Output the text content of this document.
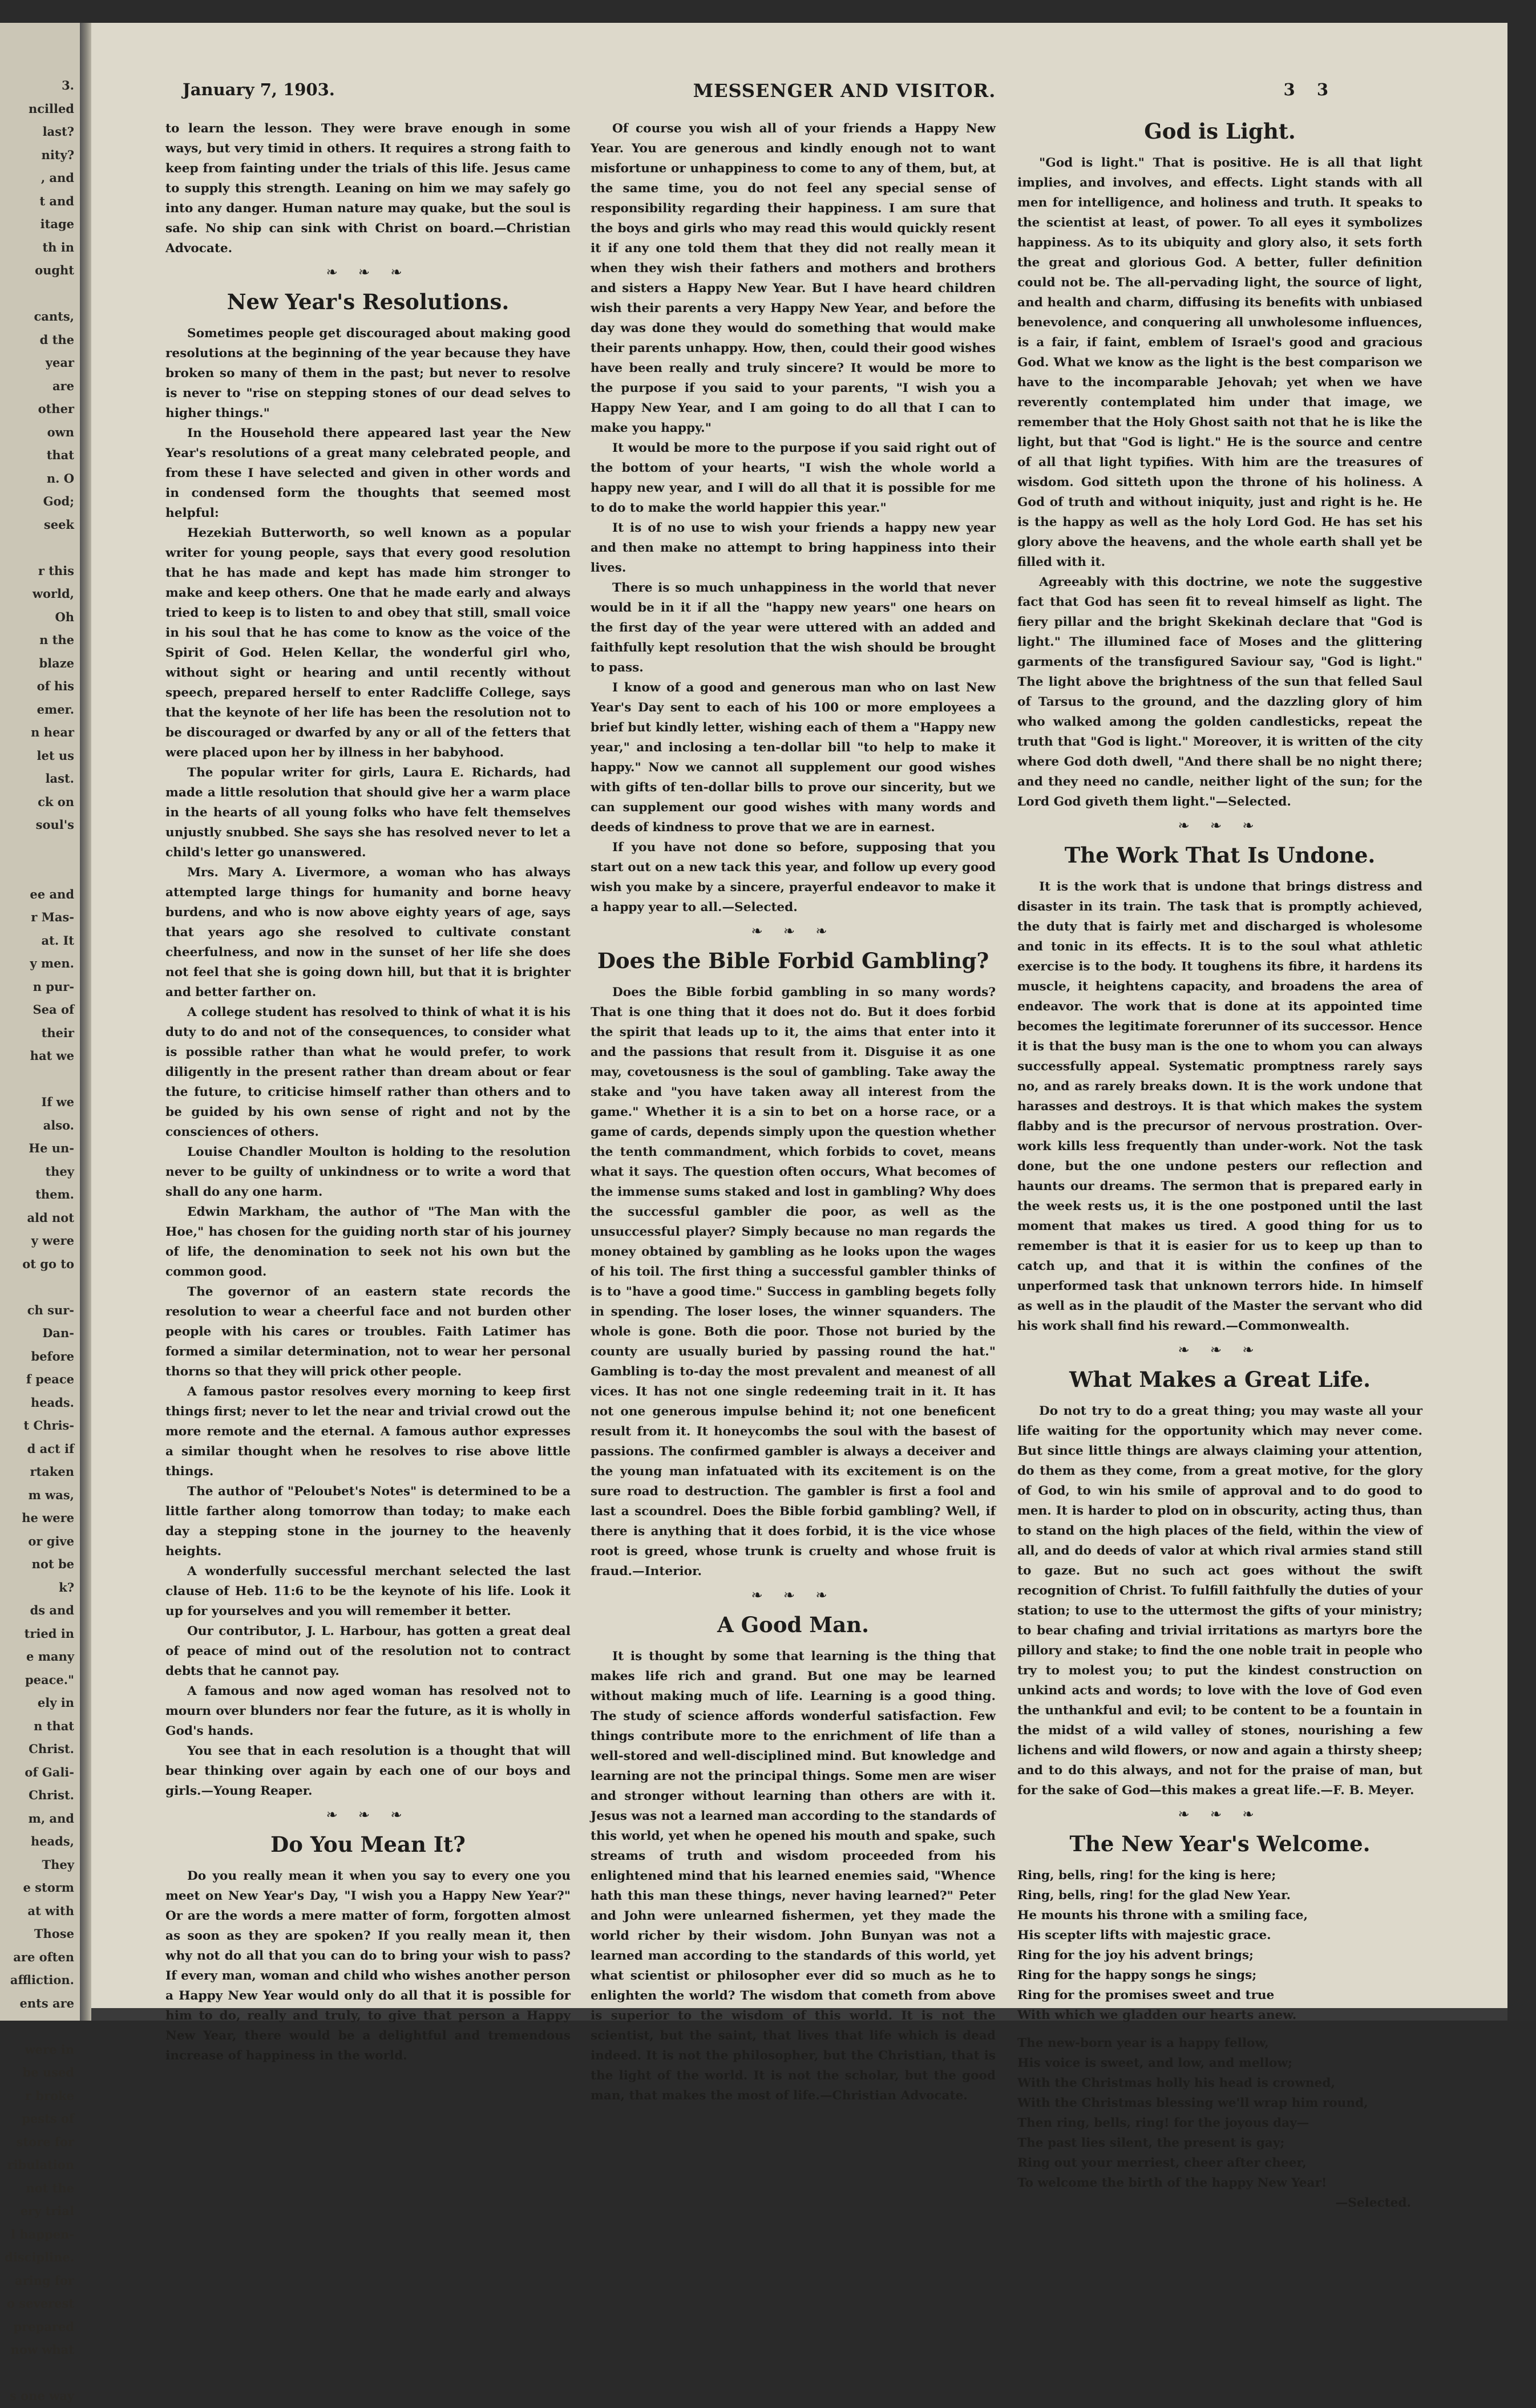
3.
ncilled
last?
nity?
, and
t and
itage
th in
ought

cants,
d the
year
are
other
own
that
n. O
God;
seek

r this
world,
Oh
n the
blaze
of his
emer.
n hear
let us
last.
ck on
soul's

ee and
r Mas-
at. It
y men.
n pur-
Sea of
their
hat we

If we
also.
He un-
they
them.
ald not
y were
ot go to

ch sur-
Dan-
before
f peace
heads.
t Chris-
d act if
rtaken
m was,
he were
or give
not be
k?
ds and
tried in
e many
peace."
ely in
n that
Christ.
of Gali-
Christ.
m, and
heads,
They
e storm
at with
Those
are often
affliction.
ents are

were in
be used
r broke
pests of
store for
ribulation
not the
ery trial
l happen-
discipline.
aring for
o severest
prepared
now what

s one way
January 7, 1903.	MESSENGER AND VISITOR.	3 3

to learn the lesson. They were brave enough in some ways, but very timid in others. It requires a strong faith to keep from fainting under the trials of this life. Jesus came to supply this strength. Leaning on him we may safely go into any danger. Human nature may quake, but the soul is safe. No ship can sink with Christ on board.—Christian Advocate.

❧ ❧ ❧
New Year's Resolutions.

Sometimes people get discouraged about making good resolutions at the beginning of the year because they have broken so many of them in the past; but never to resolve is never to "rise on stepping stones of our dead selves to higher things."

In the Household there appeared last year the New Year's resolutions of a great many celebrated people, and from these I have selected and given in other words and in condensed form the thoughts that seemed most helpful:

Hezekiah Butterworth, so well known as a popular writer for young people, says that every good resolution that he has made and kept has made him stronger to make and keep others. One that he made early and always tried to keep is to listen to and obey that still, small voice in his soul that he has come to know as the voice of the Spirit of God. Helen Kellar, the wonderful girl who, without sight or hearing and until recently without speech, prepared herself to enter Radcliffe College, says that the keynote of her life has been the resolution not to be discouraged or dwarfed by any or all of the fetters that were placed upon her by illness in her babyhood.

The popular writer for girls, Laura E. Richards, had made a little resolution that should give her a warm place in the hearts of all young folks who have felt themselves unjustly snubbed. She says she has resolved never to let a child's letter go unanswered.

Mrs. Mary A. Livermore, a woman who has always attempted large things for humanity and borne heavy burdens, and who is now above eighty years of age, says that years ago she resolved to cultivate constant cheerfulness, and now in the sunset of her life she does not feel that she is going down hill, but that it is brighter and better farther on.

A college student has resolved to think of what it is his duty to do and not of the consequences, to consider what is possible rather than what he would prefer, to work diligently in the present rather than dream about or fear the future, to criticise himself rather than others and to be guided by his own sense of right and not by the consciences of others.

Louise Chandler Moulton is holding to the resolution never to be guilty of unkindness or to write a word that shall do any one harm.

Edwin Markham, the author of "The Man with the Hoe," has chosen for the guiding north star of his journey of life, the denomination to seek not his own but the common good.

The governor of an eastern state records the resolution to wear a cheerful face and not burden other people with his cares or troubles. Faith Latimer has formed a similar determination, not to wear her personal thorns so that they will prick other people.

A famous pastor resolves every morning to keep first things first; never to let the near and trivial crowd out the more remote and the eternal. A famous author expresses a similar thought when he resolves to rise above little things.

The author of "Peloubet's Notes" is determined to be a little farther along tomorrow than today; to make each day a stepping stone in the journey to the heavenly heights.

A wonderfully successful merchant selected the last clause of Heb. 11:6 to be the keynote of his life. Look it up for yourselves and you will remember it better.

Our contributor, J. L. Harbour, has gotten a great deal of peace of mind out of the resolution not to contract debts that he cannot pay.

A famous and now aged woman has resolved not to mourn over blunders nor fear the future, as it is wholly in God's hands.

You see that in each resolution is a thought that will bear thinking over again by each one of our boys and girls.—Young Reaper.

❧ ❧ ❧
Do You Mean It?

Do you really mean it when you say to every one you meet on New Year's Day, "I wish you a Happy New Year?" Or are the words a mere matter of form, forgotten almost as soon as they are spoken? If you really mean it, then why not do all that you can do to bring your wish to pass? If every man, woman and child who wishes another person a Happy New Year would only do all that it is possible for him to do, really and truly, to give that person a Happy New Year, there would be a delightful and tremendous increase of happiness in the world.

Of course you wish all of your friends a Happy New Year. You are generous and kindly enough not to want misfortune or unhappiness to come to any of them, but, at the same time, you do not feel any special sense of responsibility regarding their happiness. I am sure that the boys and girls who may read this would quickly resent it if any one told them that they did not really mean it when they wish their fathers and mothers and brothers and sisters a Happy New Year. But I have heard children wish their parents a very Happy New Year, and before the day was done they would do something that would make their parents unhappy. How, then, could their good wishes have been really and truly sincere? It would be more to the purpose if you said to your parents, "I wish you a Happy New Year, and I am going to do all that I can to make you happy."

It would be more to the purpose if you said right out of the bottom of your hearts, "I wish the whole world a happy new year, and I will do all that it is possible for me to do to make the world happier this year."

It is of no use to wish your friends a happy new year and then make no attempt to bring happiness into their lives.

There is so much unhappiness in the world that never would be in it if all the "happy new years" one hears on the first day of the year were uttered with an added and faithfully kept resolution that the wish should be brought to pass.

I know of a good and generous man who on last New Year's Day sent to each of his 100 or more employees a brief but kindly letter, wishing each of them a "Happy new year," and inclosing a ten-dollar bill "to help to make it happy." Now we cannot all supplement our good wishes with gifts of ten-dollar bills to prove our sincerity, but we can supplement our good wishes with many words and deeds of kindness to prove that we are in earnest.

If you have not done so before, supposing that you start out on a new tack this year, and follow up every good wish you make by a sincere, prayerful endeavor to make it a happy year to all.—Selected.

❧ ❧ ❧
Does the Bible Forbid Gambling?

Does the Bible forbid gambling in so many words? That is one thing that it does not do. But it does forbid the spirit that leads up to it, the aims that enter into it and the passions that result from it. Disguise it as one may, covetousness is the soul of gambling. Take away the stake and "you have taken away all interest from the game." Whether it is a sin to bet on a horse race, or a game of cards, depends simply upon the question whether the tenth commandment, which forbids to covet, means what it says. The question often occurs, What becomes of the immense sums staked and lost in gambling? Why does the successful gambler die poor, as well as the unsuccessful player? Simply because no man regards the money obtained by gambling as he looks upon the wages of his toil. The first thing a successful gambler thinks of is to "have a good time." Success in gambling begets folly in spending. The loser loses, the winner squanders. The whole is gone. Both die poor. Those not buried by the county are usually buried by passing round the hat." Gambling is to-day the most prevalent and meanest of all vices. It has not one single redeeming trait in it. It has not one generous impulse behind it; not one beneficent result from it. It honeycombs the soul with the basest of passions. The confirmed gambler is always a deceiver and the young man infatuated with its excitement is on the sure road to destruction. The gambler is first a fool and last a scoundrel. Does the Bible forbid gambling? Well, if there is anything that it does forbid, it is the vice whose root is greed, whose trunk is cruelty and whose fruit is fraud.—Interior.

❧ ❧ ❧
A Good Man.

It is thought by some that learning is the thing that makes life rich and grand. But one may be learned without making much of life. Learning is a good thing. The study of science affords wonderful satisfaction. Few things contribute more to the enrichment of life than a well-stored and well-disciplined mind. But knowledge and learning are not the principal things. Some men are wiser and stronger without learning than others are with it. Jesus was not a learned man according to the standards of this world, yet when he opened his mouth and spake, such streams of truth and wisdom proceeded from his enlightened mind that his learned enemies said, "Whence hath this man these things, never having learned?" Peter and John were unlearned fishermen, yet they made the world richer by their wisdom. John Bunyan was not a learned man according to the standards of this world, yet what scientist or philosopher ever did so much as he to enlighten the world? The wisdom that cometh from above is superior to the wisdom of this world. It is not the scientist, but the saint, that lives that life which is dead indeed. It is not the philosopher, but the Christian, that is the light of the world. It is not the scholar, but the good man, that makes the most of life.—Christian Advocate.

God is Light.

"God is light." That is positive. He is all that light implies, and involves, and effects. Light stands with all men for intelligence, and holiness and truth. It speaks to the scientist at least, of power. To all eyes it symbolizes happiness. As to its ubiquity and glory also, it sets forth the great and glorious God. A better, fuller definition could not be. The all-pervading light, the source of light, and health and charm, diffusing its benefits with unbiased benevolence, and conquering all unwholesome influences, is a fair, if faint, emblem of Israel's good and gracious God. What we know as the light is the best comparison we have to the incomparable Jehovah; yet when we have reverently contemplated him under that image, we remember that the Holy Ghost saith not that he is like the light, but that "God is light." He is the source and centre of all that light typifies. With him are the treasures of wisdom. God sitteth upon the throne of his holiness. A God of truth and without iniquity, just and right is he. He is the happy as well as the holy Lord God. He has set his glory above the heavens, and the whole earth shall yet be filled with it.

Agreeably with this doctrine, we note the suggestive fact that God has seen fit to reveal himself as light. The fiery pillar and the bright Skekinah declare that "God is light." The illumined face of Moses and the glittering garments of the transfigured Saviour say, "God is light." The light above the brightness of the sun that felled Saul of Tarsus to the ground, and the dazzling glory of him who walked among the golden candlesticks, repeat the truth that "God is light." Moreover, it is written of the city where God doth dwell, "And there shall be no night there; and they need no candle, neither light of the sun; for the Lord God giveth them light."—Selected.

❧ ❧ ❧
The Work That Is Undone.

It is the work that is undone that brings distress and disaster in its train. The task that is promptly achieved, the duty that is fairly met and discharged is wholesome and tonic in its effects. It is to the soul what athletic exercise is to the body. It toughens its fibre, it hardens its muscle, it heightens capacity, and broadens the area of endeavor. The work that is done at its appointed time becomes the legitimate forerunner of its successor. Hence it is that the busy man is the one to whom you can always successfully appeal. Systematic promptness rarely says no, and as rarely breaks down. It is the work undone that harasses and destroys. It is that which makes the system flabby and is the precursor of nervous prostration. Over-work kills less frequently than under-work. Not the task done, but the one undone pesters our reflection and haunts our dreams. The sermon that is prepared early in the week rests us, it is the one postponed until the last moment that makes us tired. A good thing for us to remember is that it is easier for us to keep up than to catch up, and that it is within the confines of the unperformed task that unknown terrors hide. In himself as well as in the plaudit of the Master the servant who did his work shall find his reward.—Commonwealth.

❧ ❧ ❧
What Makes a Great Life.

Do not try to do a great thing; you may waste all your life waiting for the opportunity which may never come. But since little things are always claiming your attention, do them as they come, from a great motive, for the glory of God, to win his smile of approval and to do good to men. It is harder to plod on in obscurity, acting thus, than to stand on the high places of the field, within the view of all, and do deeds of valor at which rival armies stand still to gaze. But no such act goes without the swift recognition of Christ. To fulfill faithfully the duties of your station; to use to the uttermost the gifts of your ministry; to bear chafing and trivial irritations as martyrs bore the pillory and stake; to find the one noble trait in people who try to molest you; to put the kindest construction on unkind acts and words; to love with the love of God even the unthankful and evil; to be content to be a fountain in the midst of a wild valley of stones, nourishing a few lichens and wild flowers, or now and again a thirsty sheep; and to do this always, and not for the praise of man, but for the sake of God—this makes a great life.—F. B. Meyer.

❧ ❧ ❧
The New Year's Welcome.
Ring, bells, ring! for the king is here;
Ring, bells, ring! for the glad New Year.
He mounts his throne with a smiling face,
His scepter lifts with majestic grace.
Ring for the joy his advent brings;
Ring for the happy songs he sings;
Ring for the promises sweet and true
With which we gladden our hearts anew.
The new-born year is a happy fellow,
His voice is sweet, and low, and mellow;
With the Christmas holly his head is crowned,
With the Christmas blessing we'll wrap him round,
Then ring, bells, ring! for the joyous day—
The past lies silent, the present is gay;
Ring out your merriest, cheer after cheer,
To welcome the birth of the happy New Year!
—Selected.
